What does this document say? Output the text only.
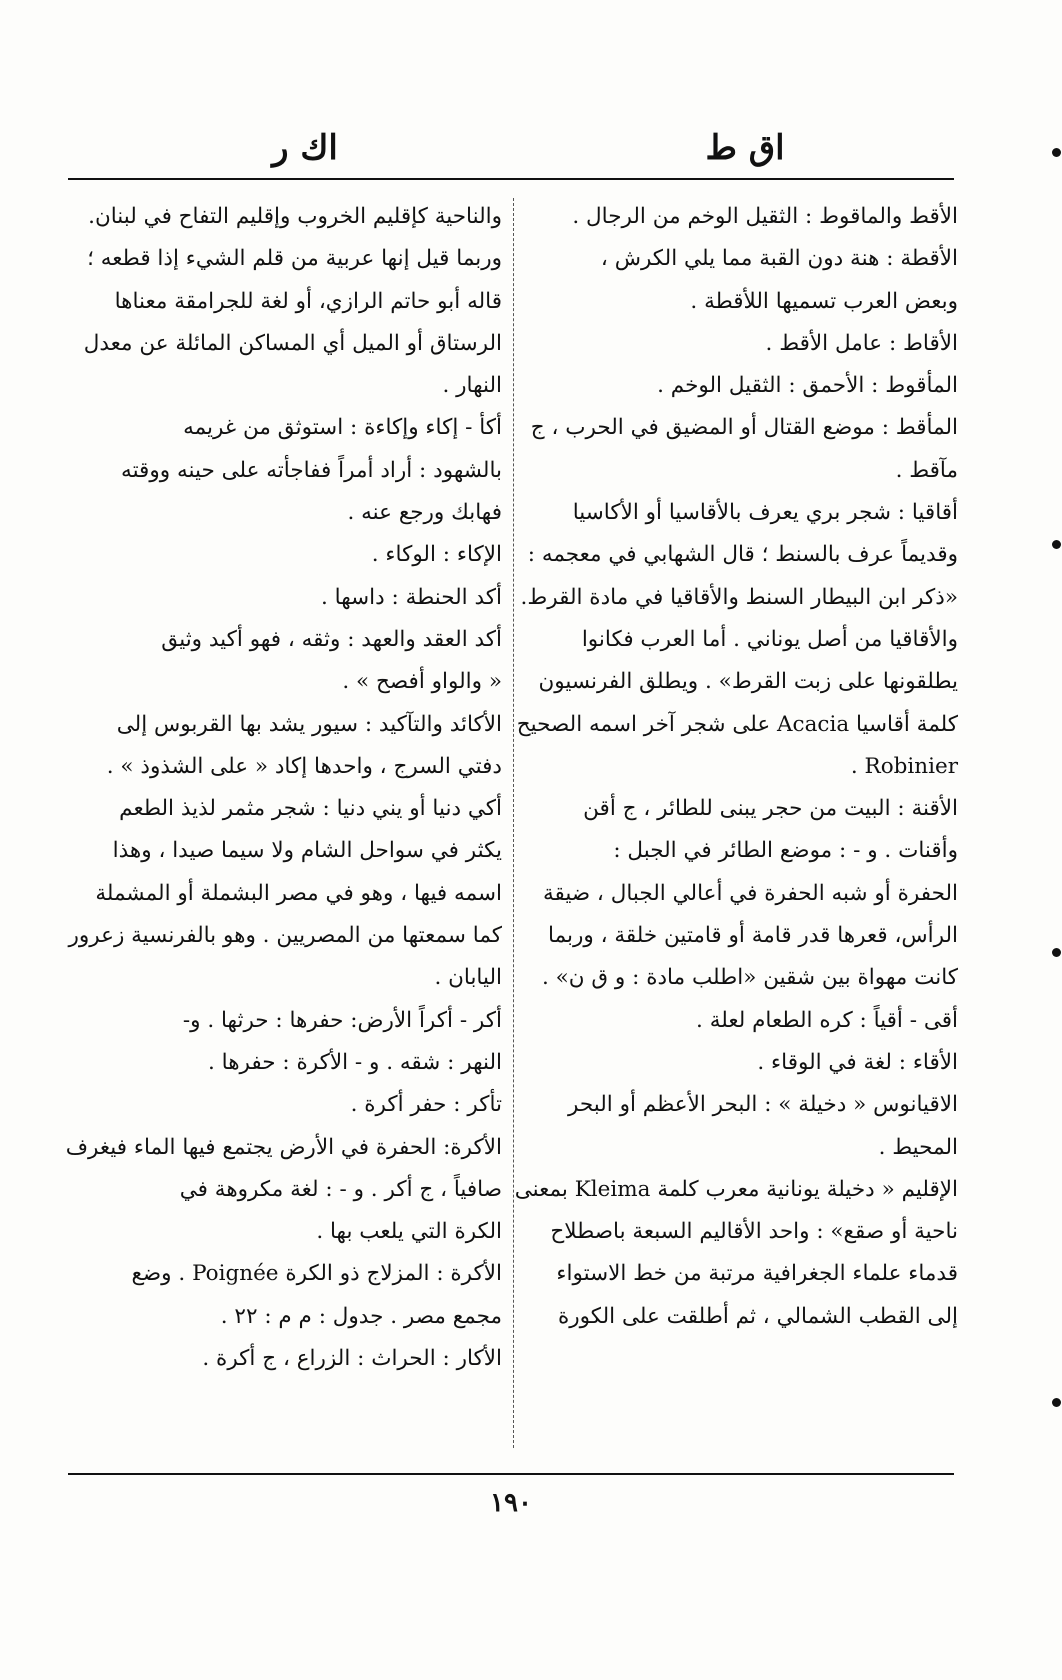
اق ط
اك ر
الأقط والماقوط : الثقيل الوخم من الرجال .
الأقطة : هنة دون القبة مما يلي الكرش ،
وبعض العرب تسميها اللأقطة .
الأقاط : عامل الأقط .
المأقوط : الأحمق : الثقيل الوخم .
المأقط : موضع القتال أو المضيق في الحرب ، ج
مآقط .
أقاقيا : شجر بري يعرف بالأقاسيا أو الأكاسيا
وقديماً عرف بالسنط ؛ قال الشهابي في معجمه :
«ذكر ابن البيطار السنط والأقاقيا في مادة القرط.
والأقاقيا من أصل يوناني . أما العرب فكانوا
يطلقونها على زبت القرط» . ويطلق الفرنسيون
كلمة أقاسيا Acacia على شجر آخر اسمه الصحيح
Robinier .
الأقنة : البيت من حجر يبنى للطائر ، ج أقن
وأقنات . و - : موضع الطائر في الجبل :
الحفرة أو شبه الحفرة في أعالي الجبال ، ضيقة
الرأس، قعرها قدر قامة أو قامتين خلقة ، وربما
كانت مهواة بين شقين «اطلب مادة : و ق ن» .
أقى - أقياً : كره الطعام لعلة .
الأقاء : لغة في الوقاء .
الاقيانوس « دخيلة » : البحر الأعظم أو البحر
المحيط .
الإقليم « دخيلة يونانية معرب كلمة Kleima بمعنى
ناحية أو صقع» : واحد الأقاليم السبعة باصطلاح
قدماء علماء الجغرافية مرتبة من خط الاستواء
إلى القطب الشمالي ، ثم أطلقت على الكورة
والناحية كإقليم الخروب وإقليم التفاح في لبنان.
وربما قيل إنها عربية من قلم الشيء إذا قطعه ؛
قاله أبو حاتم الرازي، أو لغة للجرامقة معناها
الرستاق أو الميل أي المساكن المائلة عن معدل
النهار .
أكأ - إكاء وإكاءة : استوثق من غريمه
بالشهود : أراد أمراً ففاجأته على حينه ووقته
فهابك ورجع عنه .
الإكاء : الوكاء .
أكد الحنطة : داسها .
أكد العقد والعهد : وثقه ، فهو أكيد وثيق
« والواو أفصح » .
الأكائد والتآكيد : سيور يشد بها القربوس إلى
دفتي السرج ، واحدها إكاد « على الشذوذ » .
أكي دنيا أو يني دنيا : شجر مثمر لذيذ الطعم
يكثر في سواحل الشام ولا سيما صيدا ، وهذا
اسمه فيها ، وهو في مصر البشملة أو المشملة
كما سمعتها من المصريين . وهو بالفرنسية زعرور
اليابان .
أكر - أكراً الأرض: حفرها : حرثها . و-
النهر : شقه . و - الأكرة : حفرها .
تأكر : حفر أكرة .
الأكرة: الحفرة في الأرض يجتمع فيها الماء فيغرف
صافياً ، ج أكر . و - : لغة مكروهة في
الكرة التي يلعب بها .
الأكرة : المزلاج ذو الكرة Poignée . وضع
مجمع مصر . جدول : م م : ٢٢ .
الأكار : الحراث : الزراع ، ج أكرة .
١٩٠
